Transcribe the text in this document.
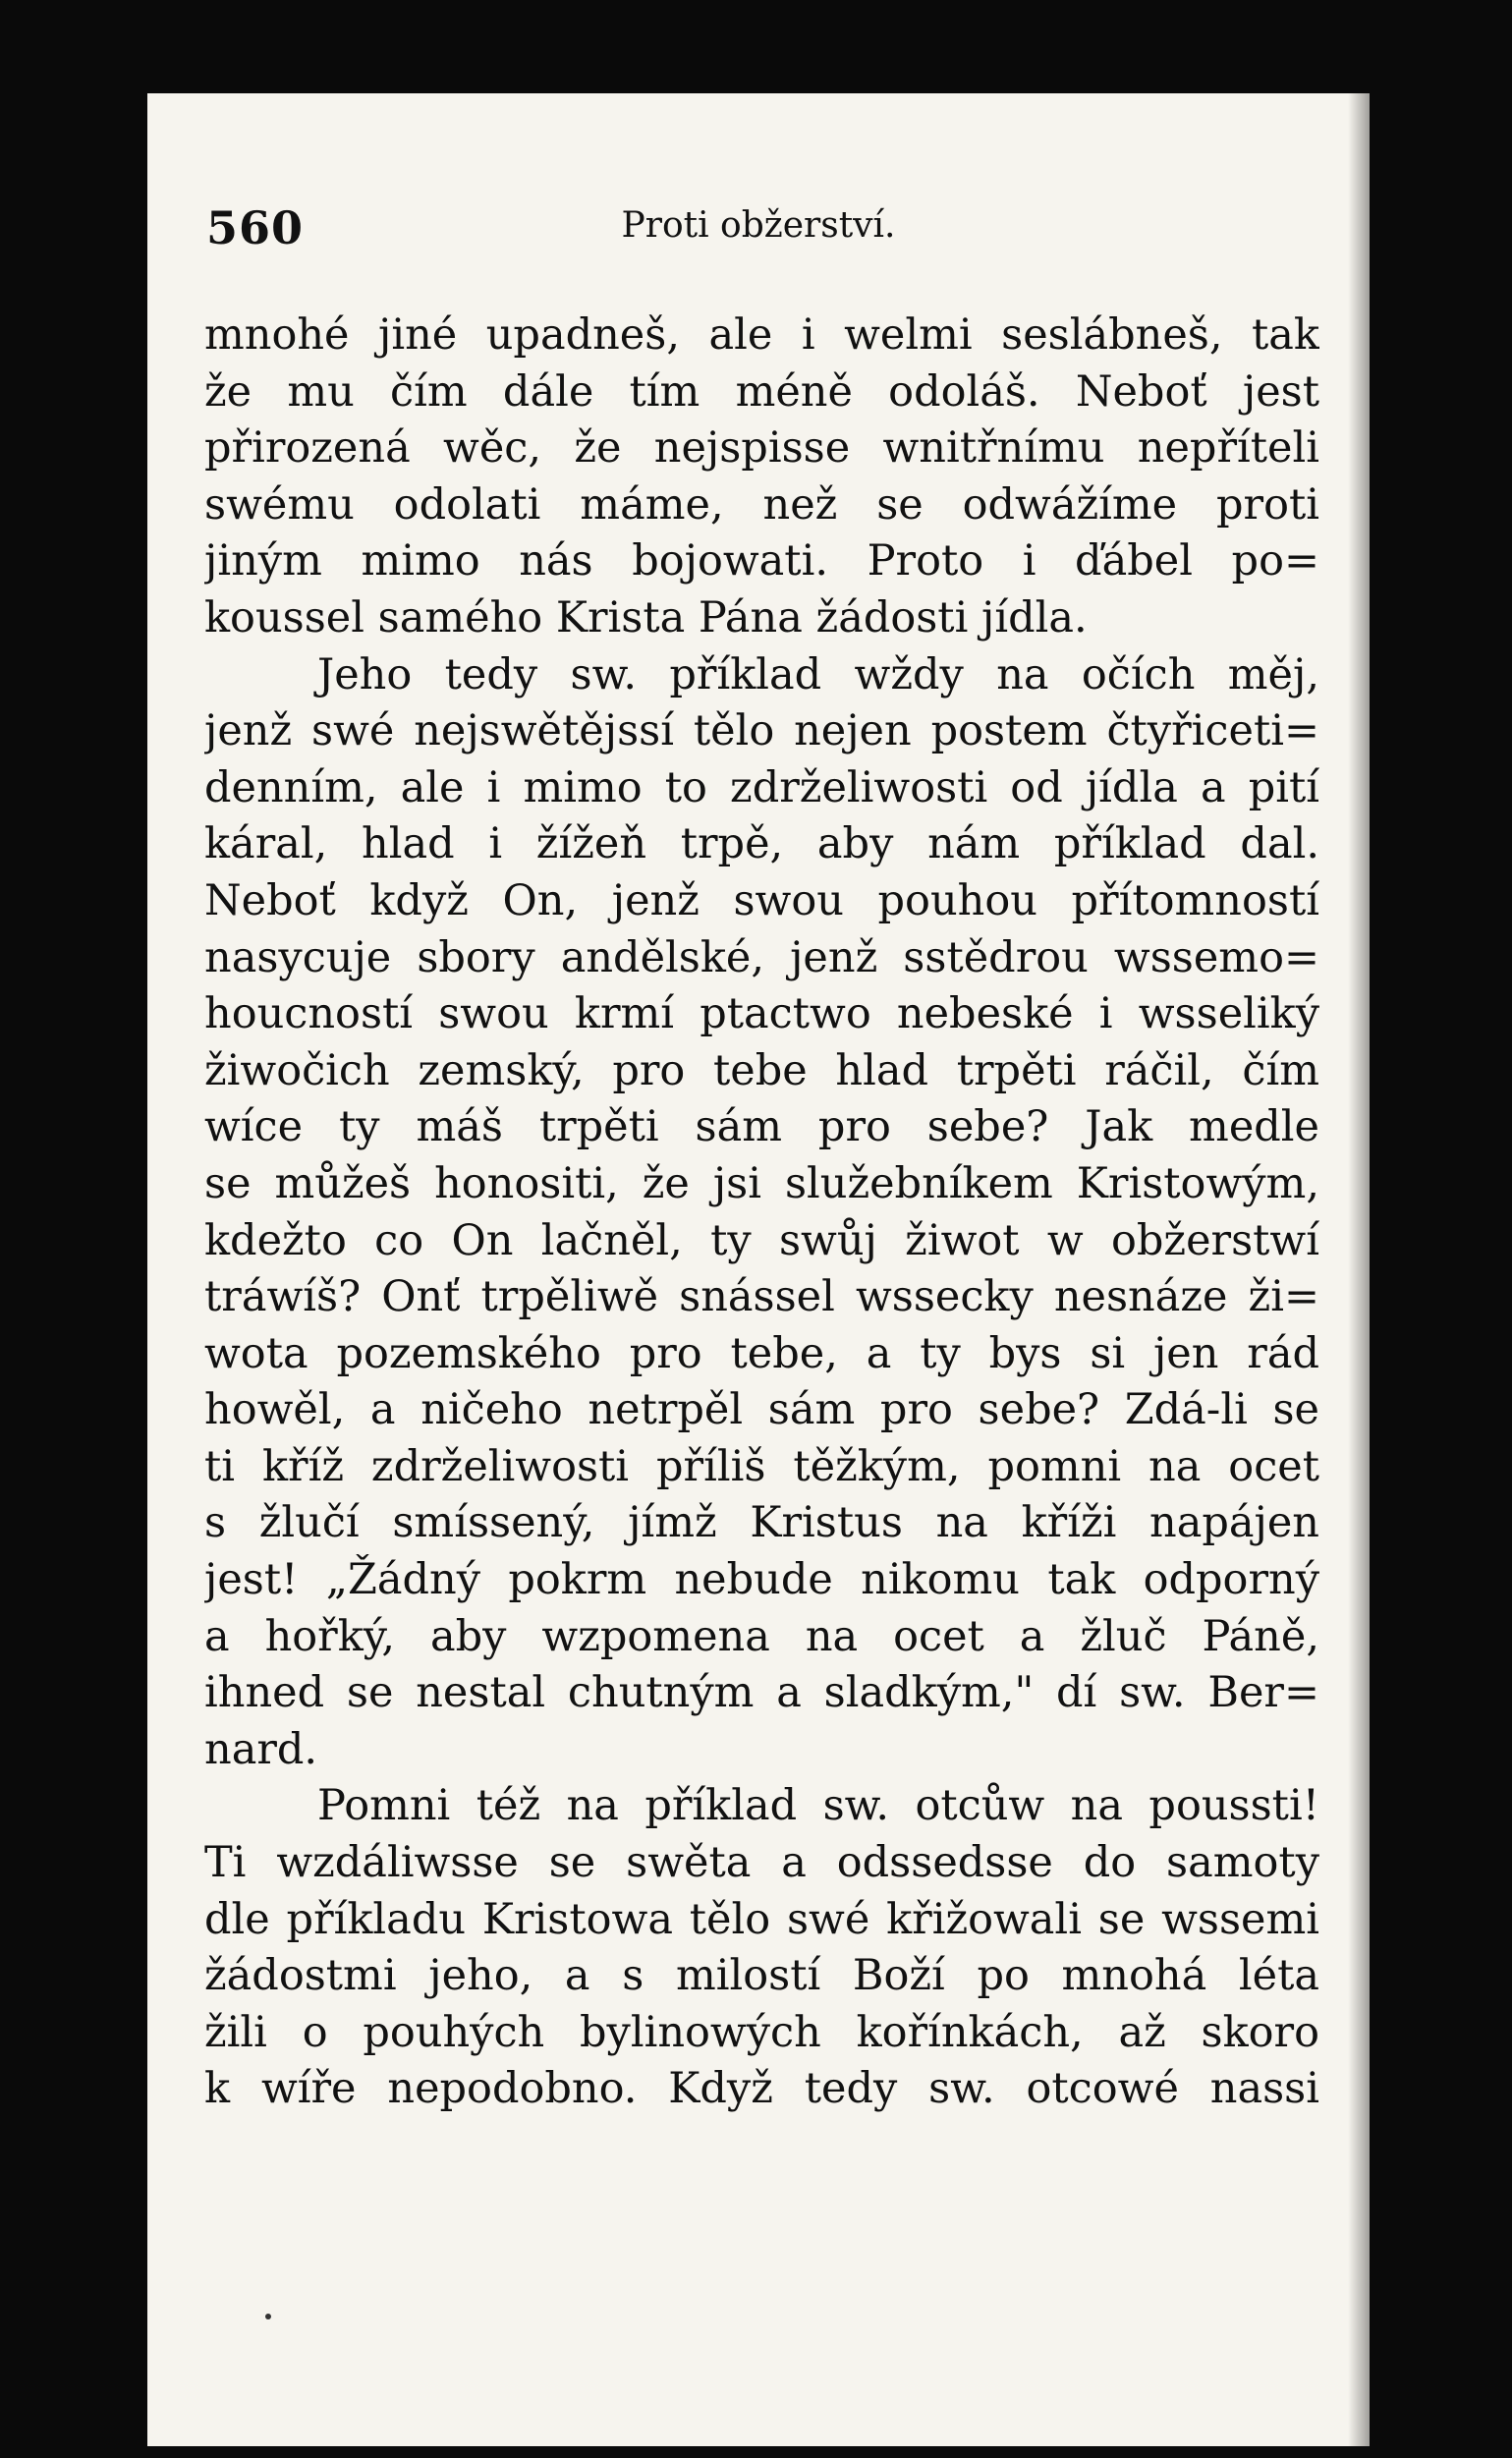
560	Proti obžerství.
mnohé jiné upadneš, ale i welmi seslábneš, tak
že mu čím dále tím méně odoláš. Neboť jest
přirozená wěc, že nejspisse wnitřnímu nepříteli
swému odolati máme, než se odwážíme proti
jiným mimo nás bojowati. Proto i ďábel po=
koussel samého Krista Pána žádosti jídla.
Jeho tedy sw. příklad wždy na očích měj,
jenž swé nejswětějssí tělo nejen postem čtyřiceti=
denním, ale i mimo to zdrželiwosti od jídla a pití
káral, hlad i žížeň trpě, aby nám příklad dal.
Neboť když On, jenž swou pouhou přítomností
nasycuje sbory andělské, jenž sstědrou wssemo=
houcností swou krmí ptactwo nebeské i wsseliký
žiwočich zemský, pro tebe hlad trpěti ráčil, čím
wíce ty máš trpěti sám pro sebe? Jak medle
se můžeš honositi, že jsi služebníkem Kristowým,
kdežto co On lačněl, ty swůj žiwot w obžerstwí
tráwíš? Onť trpěliwě snássel wssecky nesnáze ži=
wota pozemského pro tebe, a ty bys si jen rád
howěl, a ničeho netrpěl sám pro sebe? Zdá-li se
ti kříž zdrželiwosti příliš těžkým, pomni na ocet
s žlučí smíssený, jímž Kristus na kříži napájen
jest! „Žádný pokrm nebude nikomu tak odporný
a hořký, aby wzpomena na ocet a žluč Páně,
ihned se nestal chutným a sladkým," dí sw. Ber=
nard.
Pomni též na příklad sw. otcůw na poussti!
Ti wzdáliwsse se swěta a odssedsse do samoty
dle příkladu Kristowa tělo swé křižowali se wssemi
žádostmi jeho, a s milostí Boží po mnohá léta
žili o pouhých bylinowých kořínkách, až skoro
k wíře nepodobno. Když tedy sw. otcowé nassi
